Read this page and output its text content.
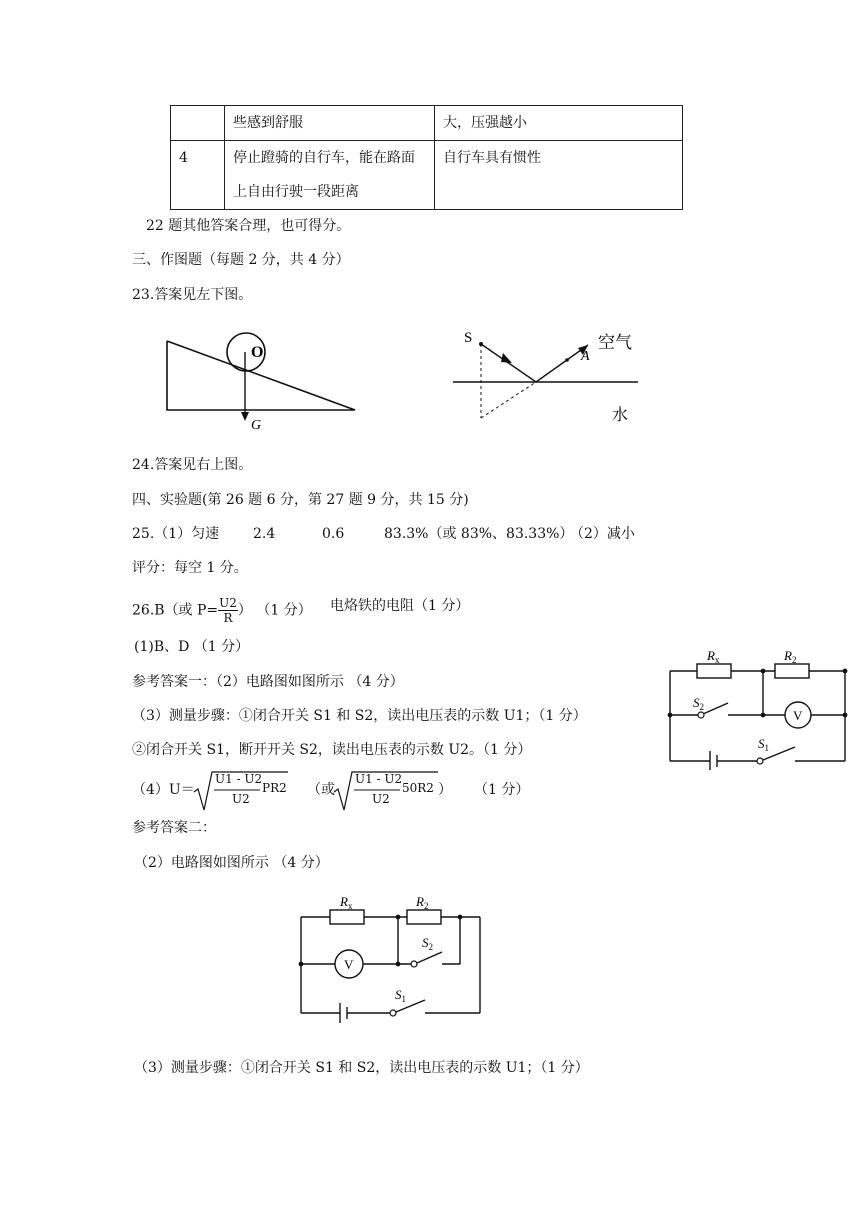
	些感到舒服	大，压强越小
4	停止蹬骑的自行车，能在路面上自由行驶一段距离	自行车具有惯性
22 题其他答案合理，也可得分。
三、作图题（每题 2 分，共 4 分）
23.答案见左下图。
O
G
S
A
空气
水
24.答案见右上图。
四、实验题(第 26 题 6 分，第 27 题 9 分，共 15 分)
25.（1）匀速 2.4	0.6	83.3%（或 83%、83.33%）
（2）减小
评分：每空 1 分。
26.B（或 $P= \frac{U2}{R}$ ） （1 分） 电烙铁的电阻（1 分）
(1)B、D （1 分）
参考答案一：（2）电路图如图所示 （4 分）
（3）测量步骤：①闭合开关 S1 和 S2，读出电压表的示数 U1；（1 分）
②闭合开关 S1，断开开关 S2，读出电压表的示数 U2。（1 分）
（4）U＝
U1 - U2
U2
PR2 （或
U1 - U2
U2
50R2 ） （1 分）
参考答案二：
（2）电路图如图所示 （4 分）
$R_x$	$R_2$
$S_2$
$S_1$
V
$R_x$	$R_2$
$S_2$
$S_1$
V
（3）测量步骤：①闭合开关 S1 和 S2，读出电压表的示数 U1；（1 分）
